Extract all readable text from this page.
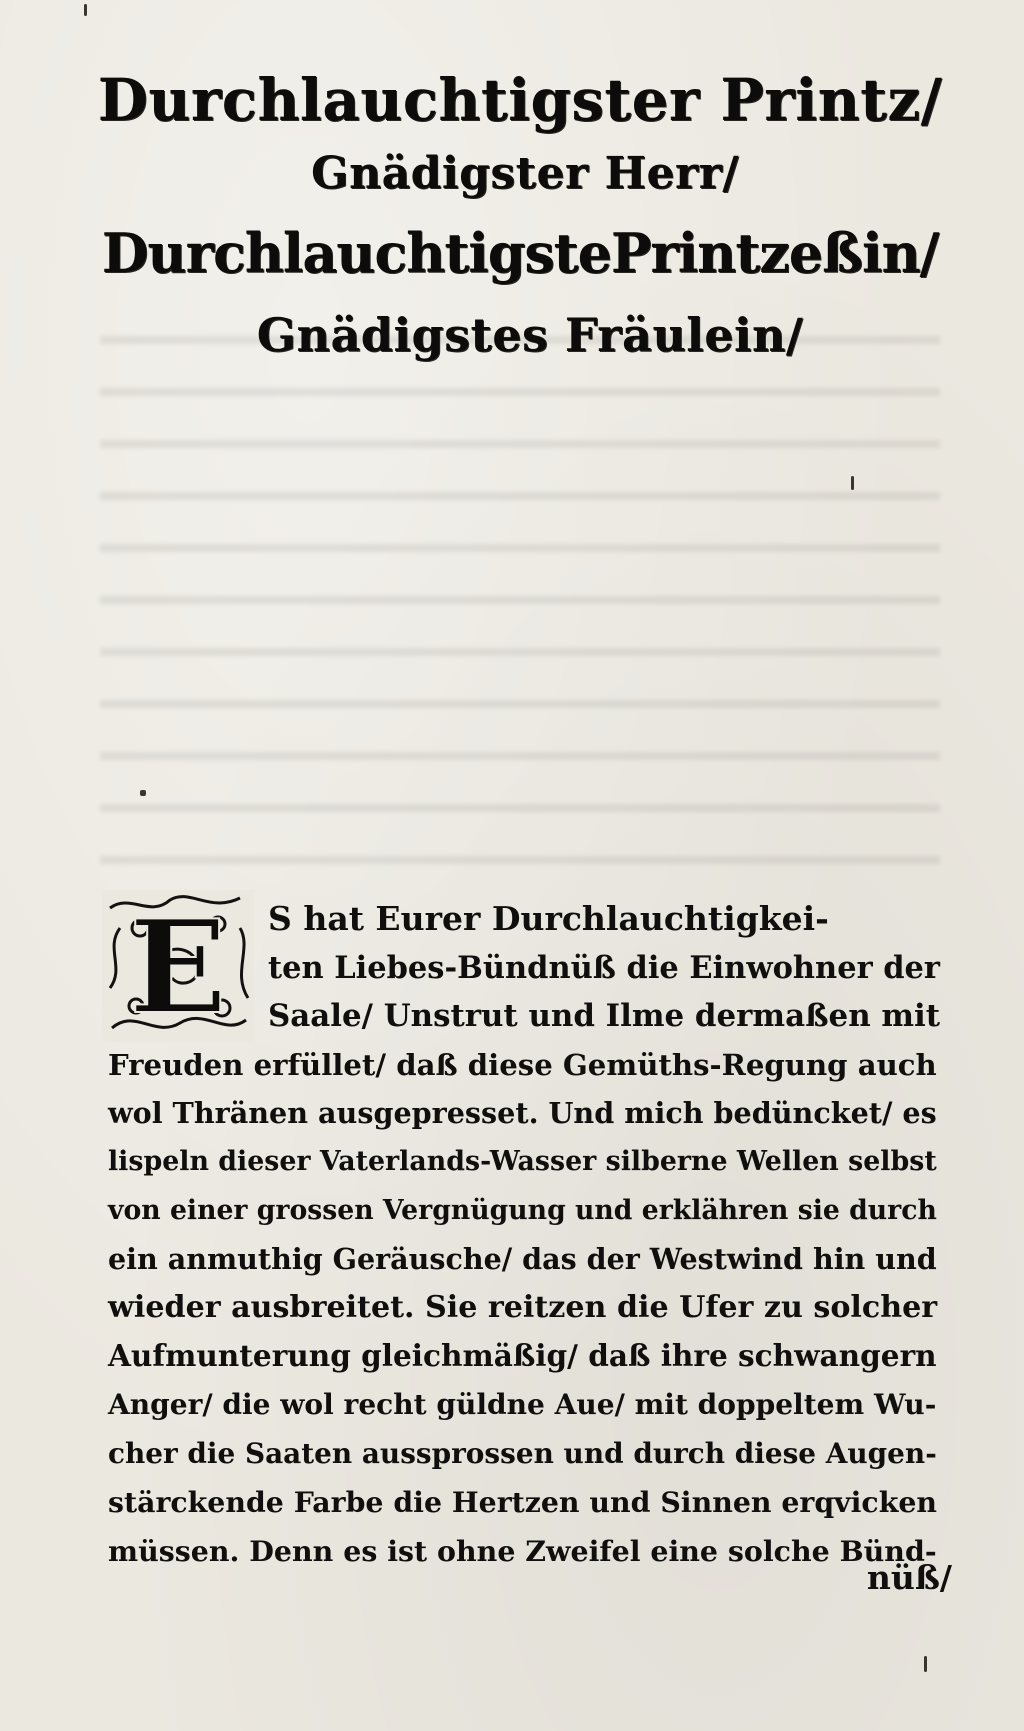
Durchlauchtigster Printz/
Gnädigster Herr/
DurchlauchtigstePrintzeßin/
Gnädigstes Fräulein/
E	S hat Eurer Durchlauchtigkei-
ten Liebes-Bündnüß die Einwohner der
Saale/ Unstrut und Ilme dermaßen mit
Freuden erfüllet/ daß diese Gemüths-Regung auch
wol Thränen ausgepresset. Und mich bedüncket/ es
lispeln dieser Vaterlands-Wasser silberne Wellen selbst
von einer grossen Vergnügung und erklähren sie durch
ein anmuthig Geräusche/ das der Westwind hin und
wieder ausbreitet. Sie reitzen die Ufer zu solcher
Aufmunterung gleichmäßig/ daß ihre schwangern
Anger/ die wol recht güldne Aue/ mit doppeltem Wu-
cher die Saaten aussprossen und durch diese Augen-
stärckende Farbe die Hertzen und Sinnen erqvicken
müssen. Denn es ist ohne Zweifel eine solche Bünd-
nüß/
